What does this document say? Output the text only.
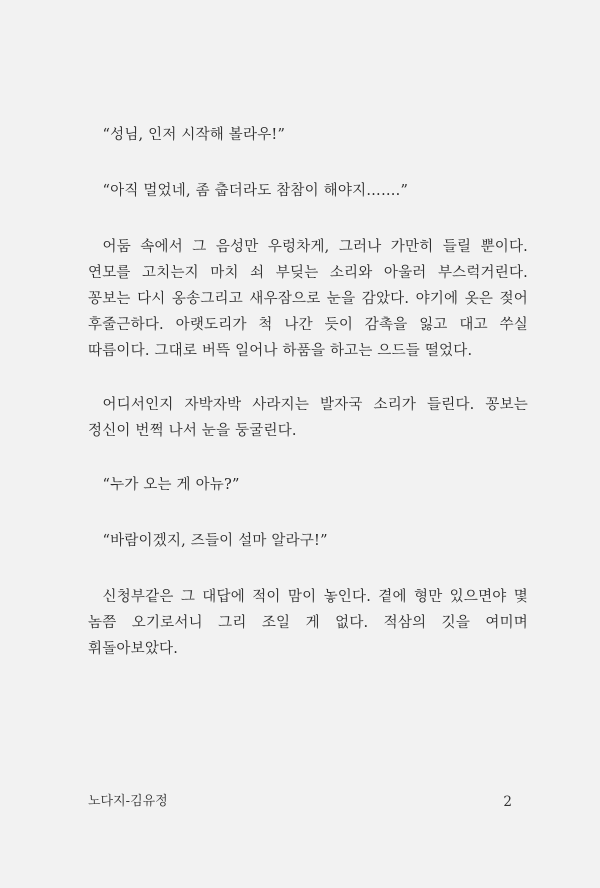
“성님, 인저 시작해 볼라우!”

“아직 멀었네, 좀 춥더라도 참참이 해야지…….”

어둠 속에서 그 음성만 우렁차게, 그러나 가만히 들릴 뿐이다. 연모를 고치는지 마치 쇠 부딪는 소리와 아울러 부스럭거린다. 꽁보는 다시 옹송그리고 새우잠으로 눈을 감았다. 야기에 옷은 젖어 후줄근하다. 아랫도리가 척 나간 듯이 감촉을 잃고 대고 쑤실 따름이다. 그대로 버뜩 일어나 하품을 하고는 으드들 떨었다.

어디서인지 자박자박 사라지는 발자국 소리가 들린다. 꽁보는 정신이 번쩍 나서 눈을 둥굴린다.

“누가 오는 게 아뉴?”

“바람이겠지, 즈들이 설마 알라구!”

신청부같은 그 대답에 적이 맘이 놓인다. 곁에 형만 있으면야 몇 놈쯤 오기로서니 그리 조일 게 없다. 적삼의 깃을 여미며 휘돌아보았다.

노다지-김유정	2
